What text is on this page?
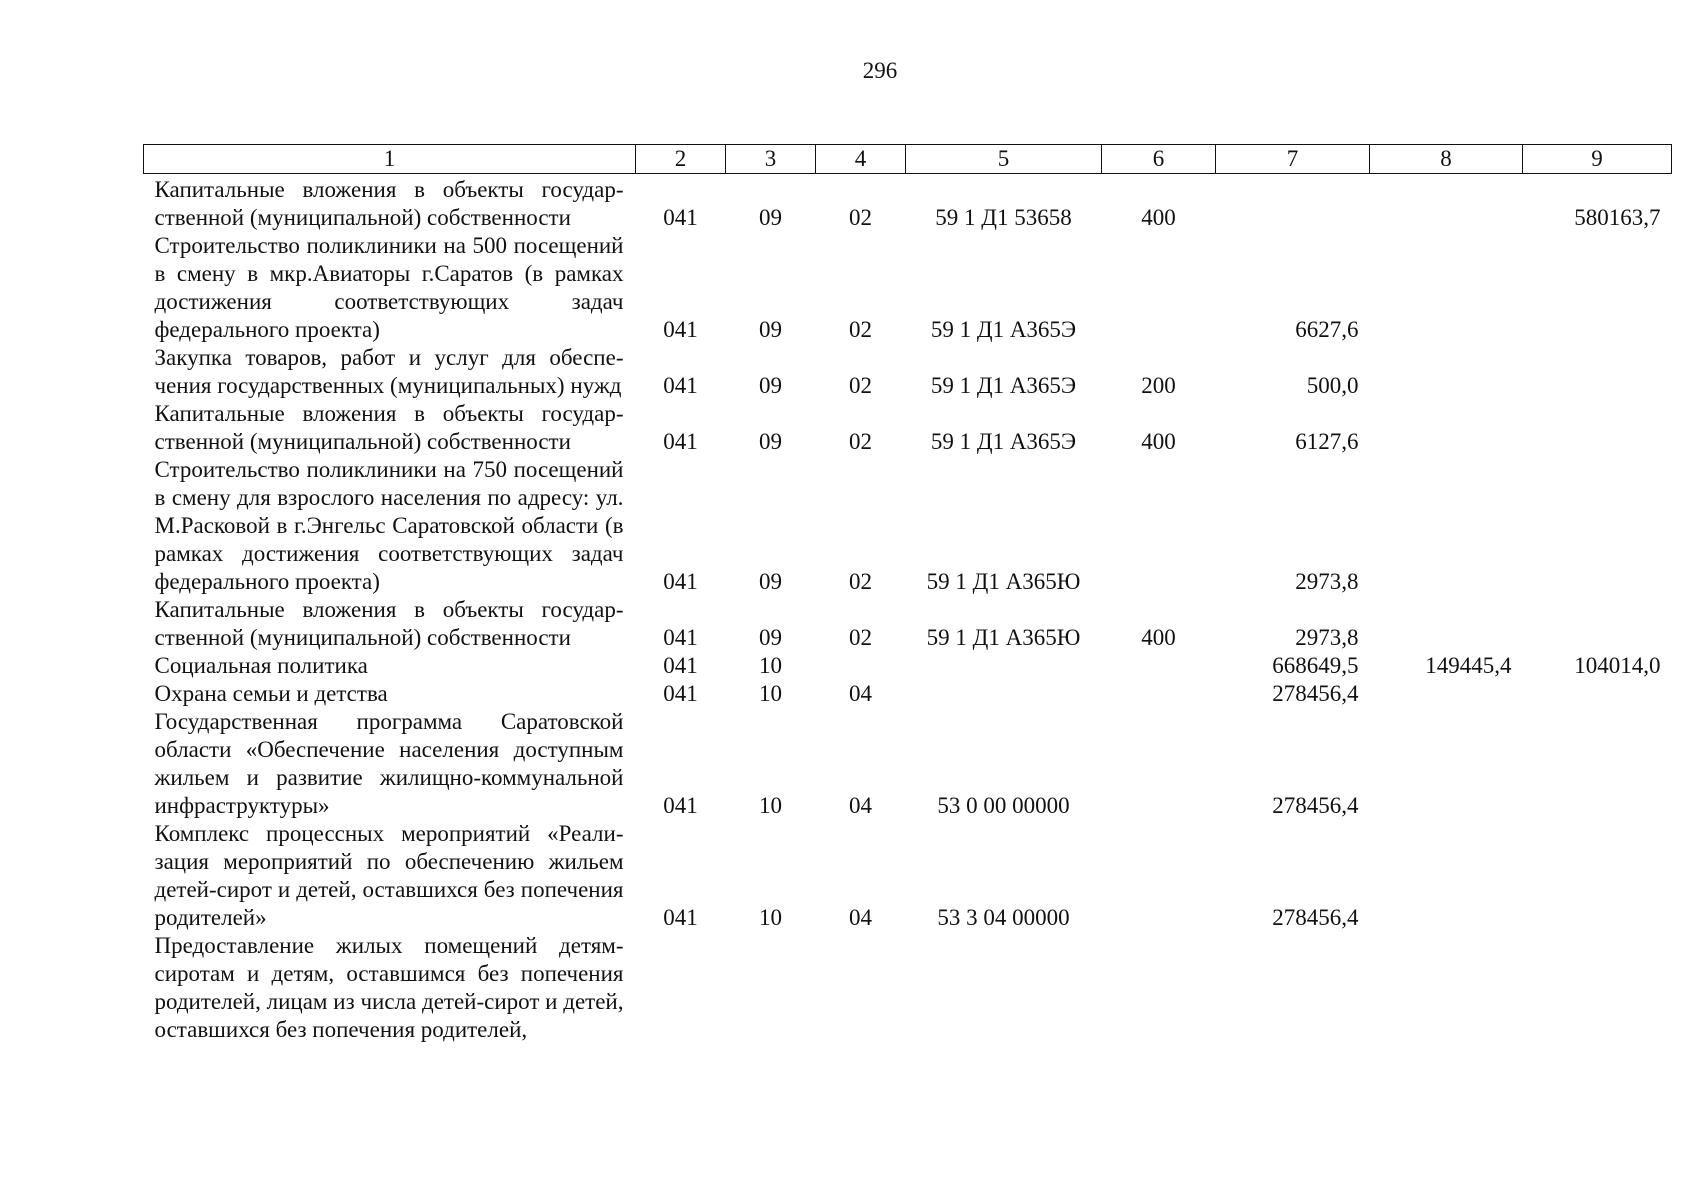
296
1	2	3	4	5	6	7	8	9
Капитальные вложения в объекты государственной (муниципальной) собственности	041	09	02	59 1 Д1 53658	400			580163,7
Строительство поликлиники на 500 посещений в смену в мкр.Авиаторы г.Саратов (в рамках достижения соответствующих задач федерального проекта)	041	09	02	59 1 Д1 А365Э		6627,6		
Закупка товаров, работ и услуг для обеспечения государственных (муниципальных) нужд	041	09	02	59 1 Д1 А365Э	200	500,0		
Капитальные вложения в объекты государственной (муниципальной) собственности	041	09	02	59 1 Д1 А365Э	400	6127,6		
Строительство поликлиники на 750 посещений в смену для взрослого населения по адресу: ул. М.Расковой в г.Энгельс Саратовской области (в рамках достижения соответствующих задач федерального проекта)	041	09	02	59 1 Д1 А365Ю		2973,8		
Капитальные вложения в объекты государственной (муниципальной) собственности	041	09	02	59 1 Д1 А365Ю	400	2973,8		
Социальная политика	041	10				668649,5	149445,4	104014,0
Охрана семьи и детства	041	10	04			278456,4		
Государственная программа Саратовской области «Обеспечение населения доступным жильем и развитие жилищно-коммунальной инфраструктуры»	041	10	04	53 0 00 00000		278456,4		
Комплекс процессных мероприятий «Реализация мероприятий по обеспечению жильем детей-сирот и детей, оставшихся без попечения родителей»	041	10	04	53 3 04 00000		278456,4		
Предоставление жилых помещений детям-сиротам и детям, оставшимся без попечения родителей, лицам из числа детей-сирот и детей, оставшихся без попечения родителей,								
